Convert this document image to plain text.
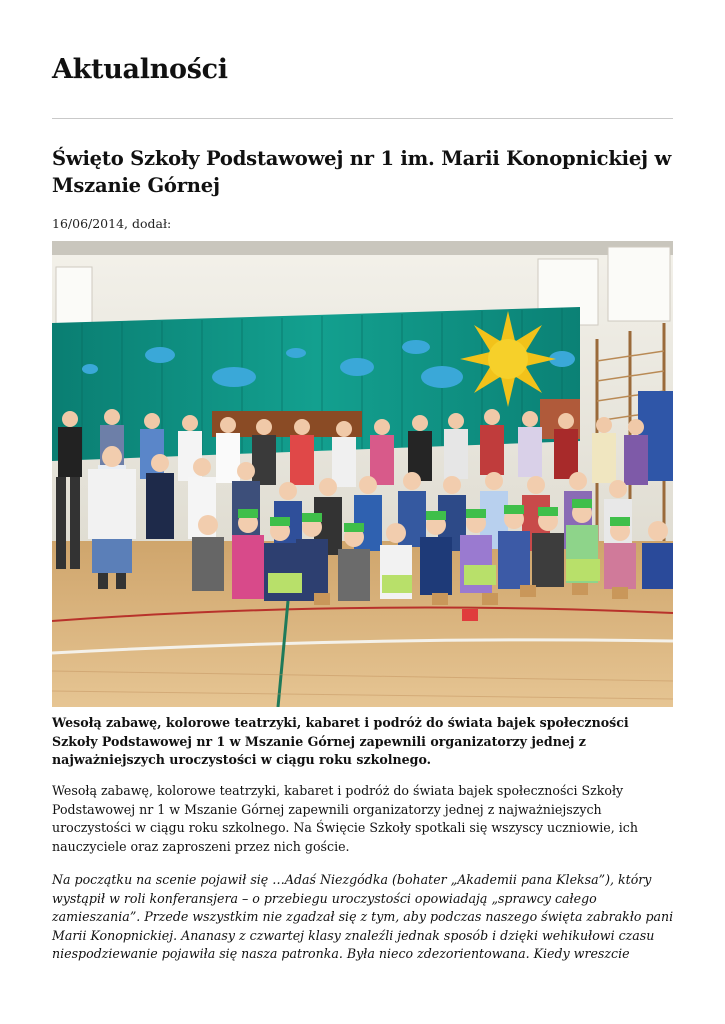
Aktualności
Święto Szkoły Podstawowej nr 1 im. Marii Konopnickiej w Mszanie Górnej
16/06/2014, dodał:

Wesołą zabawę, kolorowe teatrzyki, kabaret i podróż do świata bajek społeczności Szkoły Podstawowej nr 1 w Mszanie Górnej zapewnili organizatorzy jednej z najważniejszych uroczystości w ciągu roku szkolnego.

Wesołą zabawę, kolorowe teatrzyki, kabaret i podróż do świata bajek społeczności Szkoły Podstawowej nr 1 w Mszanie Górnej zapewnili organizatorzy jednej z najważniejszych uroczystości w ciągu roku szkolnego. Na Święcie Szkoły spotkali się wszyscy uczniowie, ich nauczyciele oraz zaproszeni przez nich goście.

Na początku na scenie pojawił się …Adaś Niezgódka (bohater „Akademii pana Kleksa”), który wystąpił w roli konferansjera – o przebiegu uroczystości opowiadają „sprawcy całego zamieszania”. Przede wszystkim nie zgadzał się z tym, aby podczas naszego święta zabrakło pani Marii Konopnickiej. Ananasy z czwartej klasy znaleźli jednak sposób i dzięki wehikułowi czasu niespodziewanie pojawiła się nasza patronka. Była nieco zdezorientowana. Kiedy wreszcie
